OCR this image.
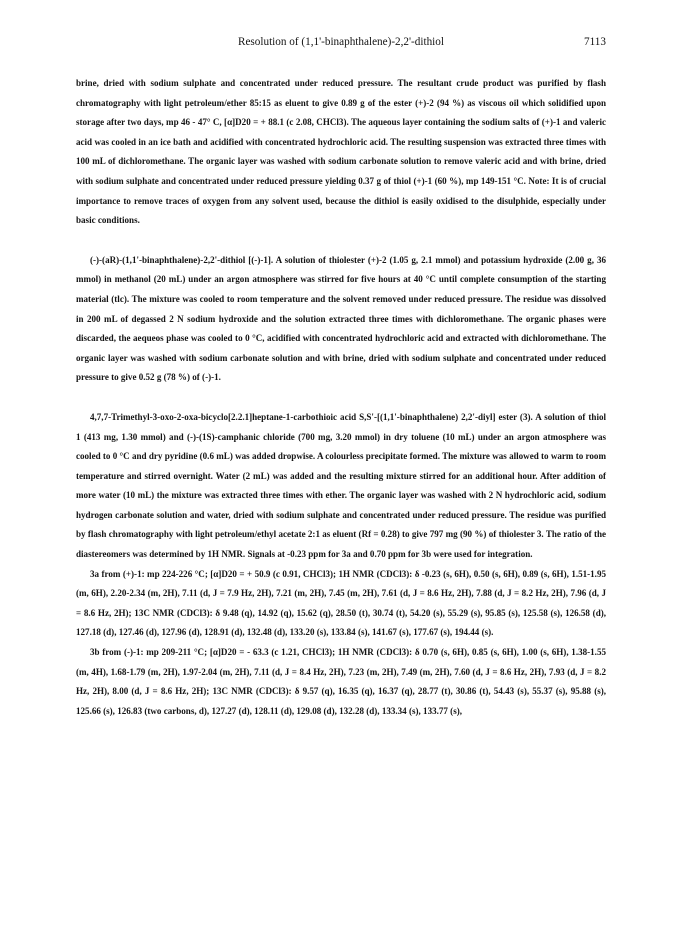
Resolution of (1,1'-binaphthalene)-2,2'-dithiol	7113

brine, dried with sodium sulphate and concentrated under reduced pressure. The resultant crude product was purified by flash chromatography with light petroleum/ether 85:15 as eluent to give 0.89 g of the ester (+)-2 (94 %) as viscous oil which solidified upon storage after two days, mp 46 - 47° C, [α]D20 = + 88.1 (c 2.08, CHCl3). The aqueous layer containing the sodium salts of (+)-1 and valeric acid was cooled in an ice bath and acidified with concentrated hydrochloric acid. The resulting suspension was extracted three times with 100 mL of dichloromethane. The organic layer was washed with sodium carbonate solution to remove valeric acid and with brine, dried with sodium sulphate and concentrated under reduced pressure yielding 0.37 g of thiol (+)-1 (60 %), mp 149-151 °C. Note: It is of crucial importance to remove traces of oxygen from any solvent used, because the dithiol is easily oxidised to the disulphide, especially under basic conditions.

(-)-(aR)-(1,1'-binaphthalene)-2,2'-dithiol [(-)-1]. A solution of thiolester (+)-2 (1.05 g, 2.1 mmol) and potassium hydroxide (2.00 g, 36 mmol) in methanol (20 mL) under an argon atmosphere was stirred for five hours at 40 °C until complete consumption of the starting material (tlc). The mixture was cooled to room temperature and the solvent removed under reduced pressure. The residue was dissolved in 200 mL of degassed 2 N sodium hydroxide and the solution extracted three times with dichloromethane. The organic phases were discarded, the aequeos phase was cooled to 0 °C, acidified with concentrated hydrochloric acid and extracted with dichloromethane. The organic layer was washed with sodium carbonate solution and with brine, dried with sodium sulphate and concentrated under reduced pressure to give 0.52 g (78 %) of (-)-1.

4,7,7-Trimethyl-3-oxo-2-oxa-bicyclo[2.2.1]heptane-1-carbothioic acid S,S'-[(1,1'-binaphthalene) 2,2'-diyl] ester (3). A solution of thiol 1 (413 mg, 1.30 mmol) and (-)-(1S)-camphanic chloride (700 mg, 3.20 mmol) in dry toluene (10 mL) under an argon atmosphere was cooled to 0 °C and dry pyridine (0.6 mL) was added dropwise. A colourless precipitate formed. The mixture was allowed to warm to room temperature and stirred overnight. Water (2 mL) was added and the resulting mixture stirred for an additional hour. After addition of more water (10 mL) the mixture was extracted three times with ether. The organic layer was washed with 2 N hydrochloric acid, sodium hydrogen carbonate solution and water, dried with sodium sulphate and concentrated under reduced pressure. The residue was purified by flash chromatography with light petroleum/ethyl acetate 2:1 as eluent (Rf = 0.28) to give 797 mg (90 %) of thiolester 3. The ratio of the diastereomers was determined by 1H NMR. Signals at -0.23 ppm for 3a and 0.70 ppm for 3b were used for integration.

3a from (+)-1: mp 224-226 °C; [α]D20 = + 50.9 (c 0.91, CHCl3); 1H NMR (CDCl3): δ -0.23 (s, 6H), 0.50 (s, 6H), 0.89 (s, 6H), 1.51-1.95 (m, 6H), 2.20-2.34 (m, 2H), 7.11 (d, J = 7.9 Hz, 2H), 7.21 (m, 2H), 7.45 (m, 2H), 7.61 (d, J = 8.6 Hz, 2H), 7.88 (d, J = 8.2 Hz, 2H), 7.96 (d, J = 8.6 Hz, 2H); 13C NMR (CDCl3): δ 9.48 (q), 14.92 (q), 15.62 (q), 28.50 (t), 30.74 (t), 54.20 (s), 55.29 (s), 95.85 (s), 125.58 (s), 126.58 (d), 127.18 (d), 127.46 (d), 127.96 (d), 128.91 (d), 132.48 (d), 133.20 (s), 133.84 (s), 141.67 (s), 177.67 (s), 194.44 (s).

3b from (-)-1: mp 209-211 °C; [α]D20 = - 63.3 (c 1.21, CHCl3); 1H NMR (CDCl3): δ 0.70 (s, 6H), 0.85 (s, 6H), 1.00 (s, 6H), 1.38-1.55 (m, 4H), 1.68-1.79 (m, 2H), 1.97-2.04 (m, 2H), 7.11 (d, J = 8.4 Hz, 2H), 7.23 (m, 2H), 7.49 (m, 2H), 7.60 (d, J = 8.6 Hz, 2H), 7.93 (d, J = 8.2 Hz, 2H), 8.00 (d, J = 8.6 Hz, 2H); 13C NMR (CDCl3): δ 9.57 (q), 16.35 (q), 16.37 (q), 28.77 (t), 30.86 (t), 54.43 (s), 55.37 (s), 95.88 (s), 125.66 (s), 126.83 (two carbons, d), 127.27 (d), 128.11 (d), 129.08 (d), 132.28 (d), 133.34 (s), 133.77 (s),
